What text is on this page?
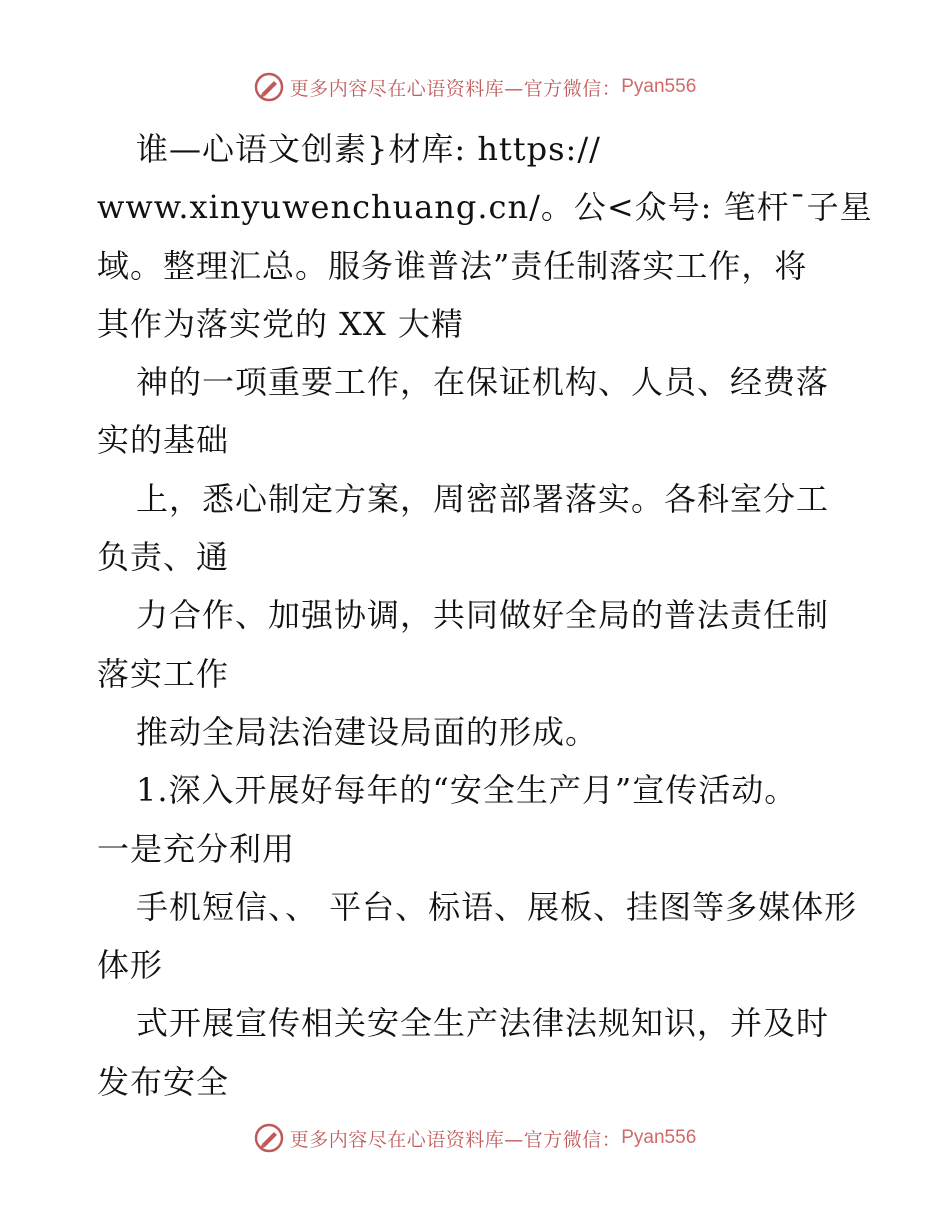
更多内容尽在心语资料库—官方微信： Pyan556
谁—心语文创素}材库: https://
www.xinyuwenchuang.cn/。公<众号: 笔杆¯子星
域。整理汇总。服务谁普法”责任制落实工作，将
其作为落实党的 XX 大精
神的一项重要工作，在保证机构、人员、经费落
实的基础
上，悉心制定方案，周密部署落实。各科室分工
负责、通
力合作、加强协调，共同做好全局的普法责任制
落实工作
推动全局法治建设局面的形成。
1.深入开展好每年的“安全生产月”宣传活动。
一是充分利用
手机短信、、 平台、标语、展板、挂图等多媒体形
体形
式开展宣传相关安全生产法律法规知识，并及时
发布安全
更多内容尽在心语资料库—官方微信： Pyan556
